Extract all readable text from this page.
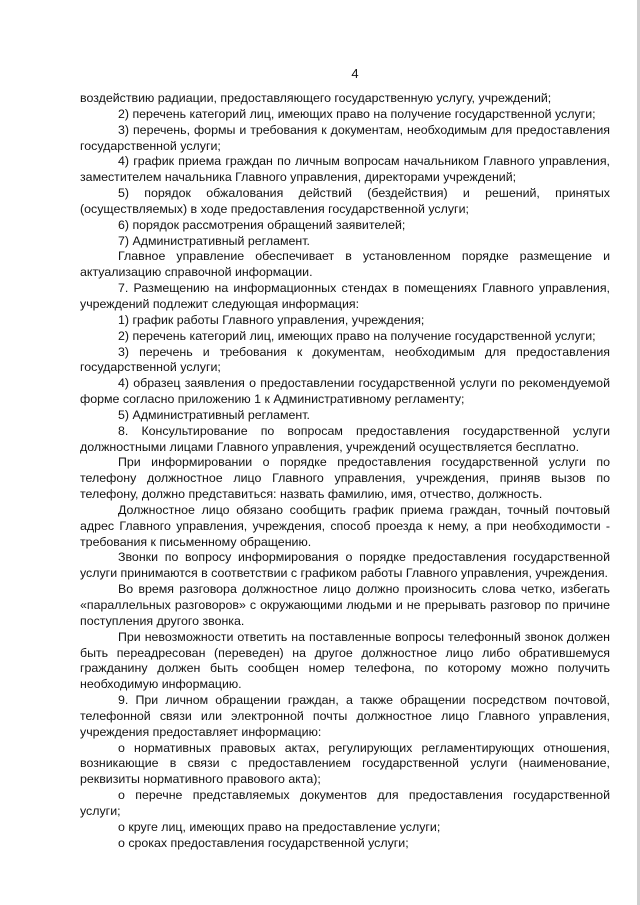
4

воздействию радиации, предоставляющего государственную услугу, учреждений;

2) перечень категорий лиц, имеющих право на получение государственной услуги;

3) перечень, формы и требования к документам, необходимым для предоставления государственной услуги;

4) график приема граждан по личным вопросам начальником Главного управления, заместителем начальника Главного управления, директорами учреждений;

5) порядок обжалования действий (бездействия) и решений, принятых (осуществляемых) в ходе предоставления государственной услуги;

6) порядок рассмотрения обращений заявителей;

7) Административный регламент.

Главное управление обеспечивает в установленном порядке размещение и актуализацию справочной информации.

7. Размещению на информационных стендах в помещениях Главного управления, учреждений подлежит следующая информация:

1) график работы Главного управления, учреждения;

2) перечень категорий лиц, имеющих право на получение государственной услуги;

3) перечень и требования к документам, необходимым для предоставления государственной услуги;

4) образец заявления о предоставлении государственной услуги по рекомендуемой форме согласно приложению 1 к Административному регламенту;

5) Административный регламент.

8. Консультирование по вопросам предоставления государственной услуги должностными лицами Главного управления, учреждений осуществляется бесплатно.

При информировании о порядке предоставления государственной услуги по телефону должностное лицо Главного управления, учреждения, приняв вызов по телефону, должно представиться: назвать фамилию, имя, отчество, должность.

Должностное лицо обязано сообщить график приема граждан, точный почтовый адрес Главного управления, учреждения, способ проезда к нему, а при необходимости - требования к письменному обращению.

Звонки по вопросу информирования о порядке предоставления государственной услуги принимаются в соответствии с графиком работы Главного управления, учреждения.

Во время разговора должностное лицо должно произносить слова четко, избегать «параллельных разговоров» с окружающими людьми и не прерывать разговор по причине поступления другого звонка.

При невозможности ответить на поставленные вопросы телефонный звонок должен быть переадресован (переведен) на другое должностное лицо либо обратившемуся гражданину должен быть сообщен номер телефона, по которому можно получить необходимую информацию.

9. При личном обращении граждан, а также обращении посредством почтовой, телефонной связи или электронной почты должностное лицо Главного управления, учреждения предоставляет информацию:

о нормативных правовых актах, регулирующих регламентирующих отношения, возникающие в связи с предоставлением государственной услуги (наименование, реквизиты нормативного правового акта);

о перечне представляемых документов для предоставления государственной услуги;

о круге лиц, имеющих право на предоставление услуги;

о сроках предоставления государственной услуги;
